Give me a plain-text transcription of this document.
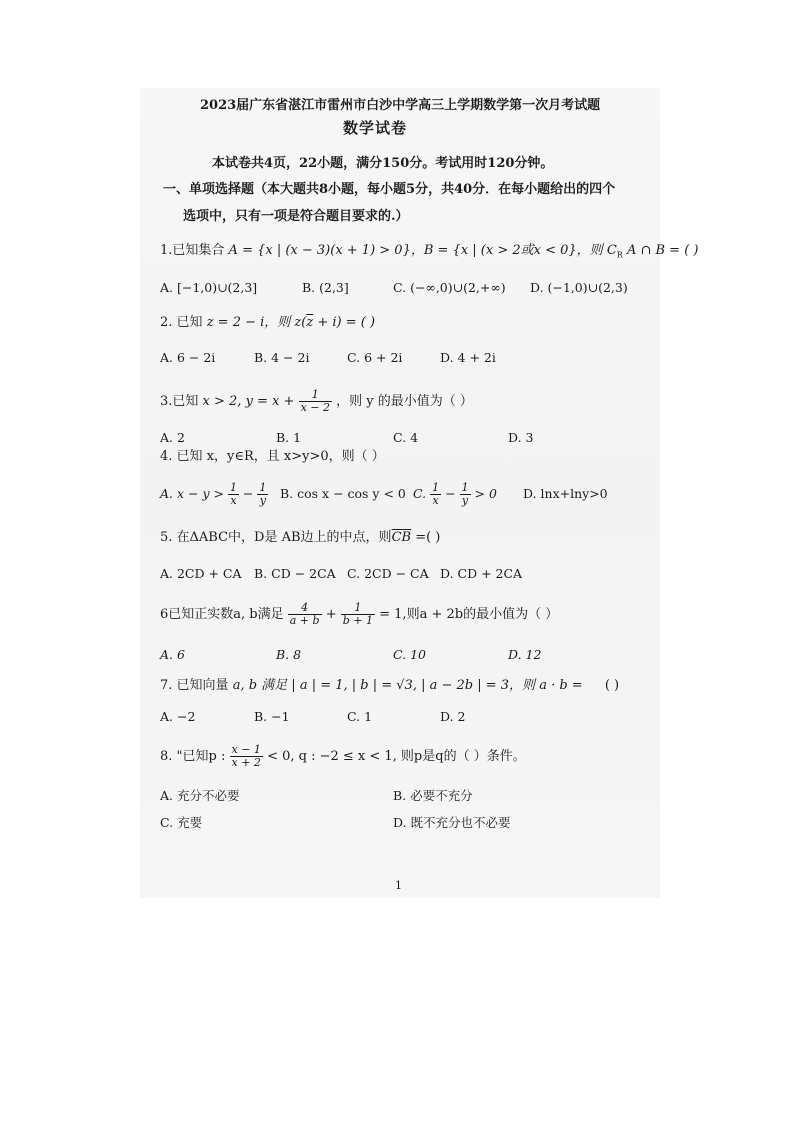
2023届广东省湛江市雷州市白沙中学高三上学期数学第一次月考试题
数学试卷
本试卷共4页，22小题，满分150分。考试用时120分钟。
一、单项选择题（本大题共8小题，每小题5分，共40分．在每小题给出的四个
选项中，只有一项是符合题目要求的.）
1.已知集合 A = {x | (x − 3)(x + 1) > 0}，B = {x | (x > 2或x < 0}，则 $C_R$ A ∩ B = ( )
A. [−1,0)∪(2,3]	B. (2,3]	C. (−∞,0)∪(2,+∞) D. (−1,0)∪(2,3)
2. 已知 z = 2 − i，则 $z(\overline{z} + i)$ = ( )
A. 6 − 2i	B. 4 − 2i	C. 6 + 2i	D. 4 + 2i
3.已知 x > 2, $y = x + \frac{1}{x - 2}$ ，则 y 的最小值为（ ）
A. 2	B. 1	C. 4	D. 3
4. 已知 x，y∈R，且 x>y>0，则（ ）
A. $x - y > \frac{1}{x} - \frac{1}{y} B$. cos x − cos y < 0 C. $\frac{1}{x} - \frac{1}{y} > 0$ D. lnx+lny>0
5. 在ΔABC中，D是 AB边上的中点，则$\overline{CB}$ =( )
A. 2CD + CA B. CD − 2CA C. 2CD − CA D. CD + 2CA
6已知正实数a, b满足 $\frac{4}{a + b} + \frac{1}{b + 1} = 1$,则a + 2b的最小值为（ ）
A. 6	B. 8	C. 10	D. 12
7. 已知向量 a, b 满足 | a | = 1, | b | = √3, | a − 2b | = 3，则 a · b = ( )
A. −2	B. −1	C. 1	D. 2
8. "已知p : $\frac{x - 1}{x + 2} < 0$, q : −2 ≤ x < 1, 则p是q的（ ）条件。
A. 充分不必要	B. 必要不充分
C. 充要	D. 既不充分也不必要
1
